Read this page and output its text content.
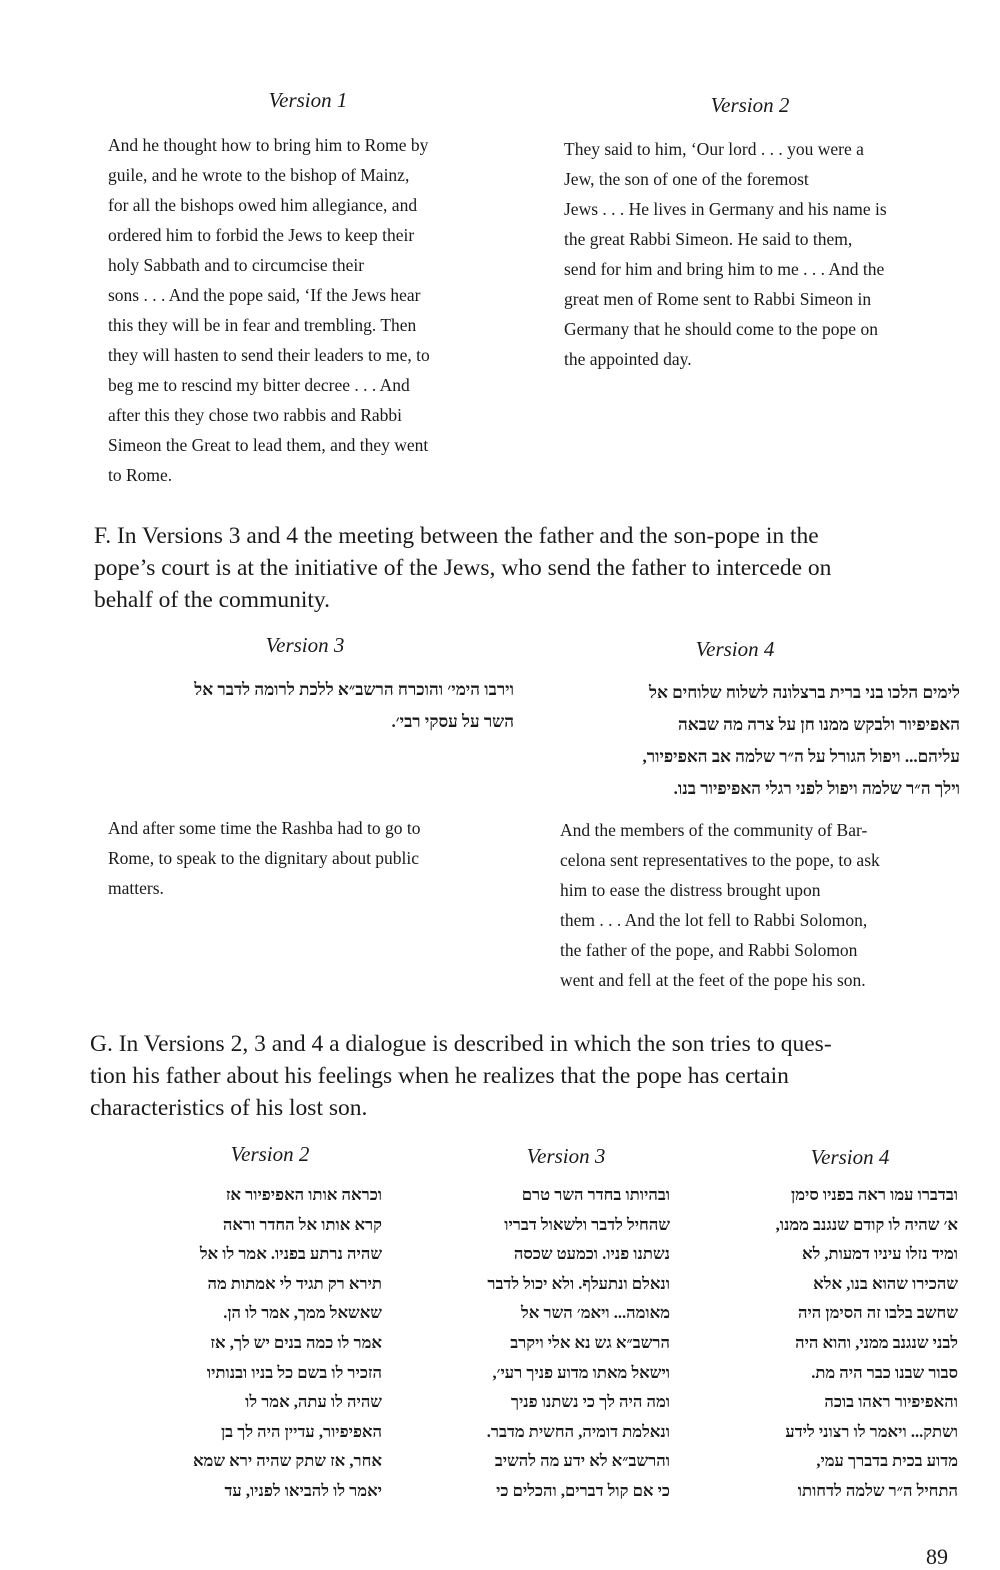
Version 1

And he thought how to bring him to Rome by

guile, and he wrote to the bishop of Mainz,

for all the bishops owed him allegiance, and

ordered him to forbid the Jews to keep their

holy Sabbath and to circumcise their

sons . . . And the pope said, ‘If the Jews hear

this they will be in fear and trembling. Then

they will hasten to send their leaders to me, to

beg me to rescind my bitter decree . . . And

after this they chose two rabbis and Rabbi

Simeon the Great to lead them, and they went

to Rome.

Version 2

They said to him, ‘Our lord . . . you were a

Jew, the son of one of the foremost

Jews . . . He lives in Germany and his name is

the great Rabbi Simeon. He said to them,

send for him and bring him to me . . . And the

great men of Rome sent to Rabbi Simeon in

Germany that he should come to the pope on

the appointed day.

F. In Versions 3 and 4 the meeting between the father and the son-pope in the

pope’s court is at the initiative of the Jews, who send the father to intercede on

behalf of the community.

Version 3

וירבו הימי׳ והוכרח הרשב״א ללכת לרומה לדבר אל

השר על עסקי רבי׳.

And after some time the Rashba had to go to

Rome, to speak to the dignitary about public

matters.

Version 4

לימים הלכו בני ברית ברצלונה לשלוח שלוחים אל

האפיפיור ולבקש ממנו חן על צרה מה שבאה

עליהם... ויפול הגורל על ה״ר שלמה אב האפיפיור,

וילך ה״ר שלמה ויפול לפני רגלי האפיפיור בנו.

And the members of the community of Bar-

celona sent representatives to the pope, to ask

him to ease the distress brought upon

them . . . And the lot fell to Rabbi Solomon,

the father of the pope, and Rabbi Solomon

went and fell at the feet of the pope his son.

G. In Versions 2, 3 and 4 a dialogue is described in which the son tries to ques-

tion his father about his feelings when he realizes that the pope has certain

characteristics of his lost son.

Version 2

וכראה אותו האפיפיור אז

קרא אותו אל החדר וראה

שהיה נרתע בפניו. אמר לו אל

תירא רק תגיד לי אמתות מה

שאשאל ממך, אמר לו הן.

אמר לו כמה בנים יש לך, אז

הזכיר לו בשם כל בניו ובנותיו

שהיה לו עתה, אמר לו

האפיפיור, עדיין היה לך בן

אחר, אז שתק שהיה ירא שמא

יאמר לו להביאו לפניו, עד

Version 3

ובהיותו בחדר השר טרם

שהחיל לדבר ולשאול דבריו

נשתנו פניו. וכמעט שכסה

ונאלם ונתעלף. ולא יכול לדבר

מאומה... ויאמ׳ השר אל

הרשב״א גש נא אלי ויקרב

וישאל מאתו מדוע פניך רעי׳,

ומה היה לך כי נשתנו פניך

ונאלמת דומיה, החשית מדבר.

והרשב״א לא ידע מה להשיב

כי אם קול דברים, והכלים כי

Version 4

ובדברו עמו ראה בפניו סימן

א׳ שהיה לו קודם שנגנב ממנו,

ומיד נזלו עיניו דמעות, לא

שהכירו שהוא בנו, אלא

שחשב בלבו זה הסימן היה

לבני שנגנב ממני, והוא היה

סבור שבנו כבר היה מת.

והאפיפיור ראהו בוכה

ושתק... ויאמר לו רצוני לידע

מדוע בכית בדברך עמי,

התחיל ה״ר שלמה לדחותו

89
